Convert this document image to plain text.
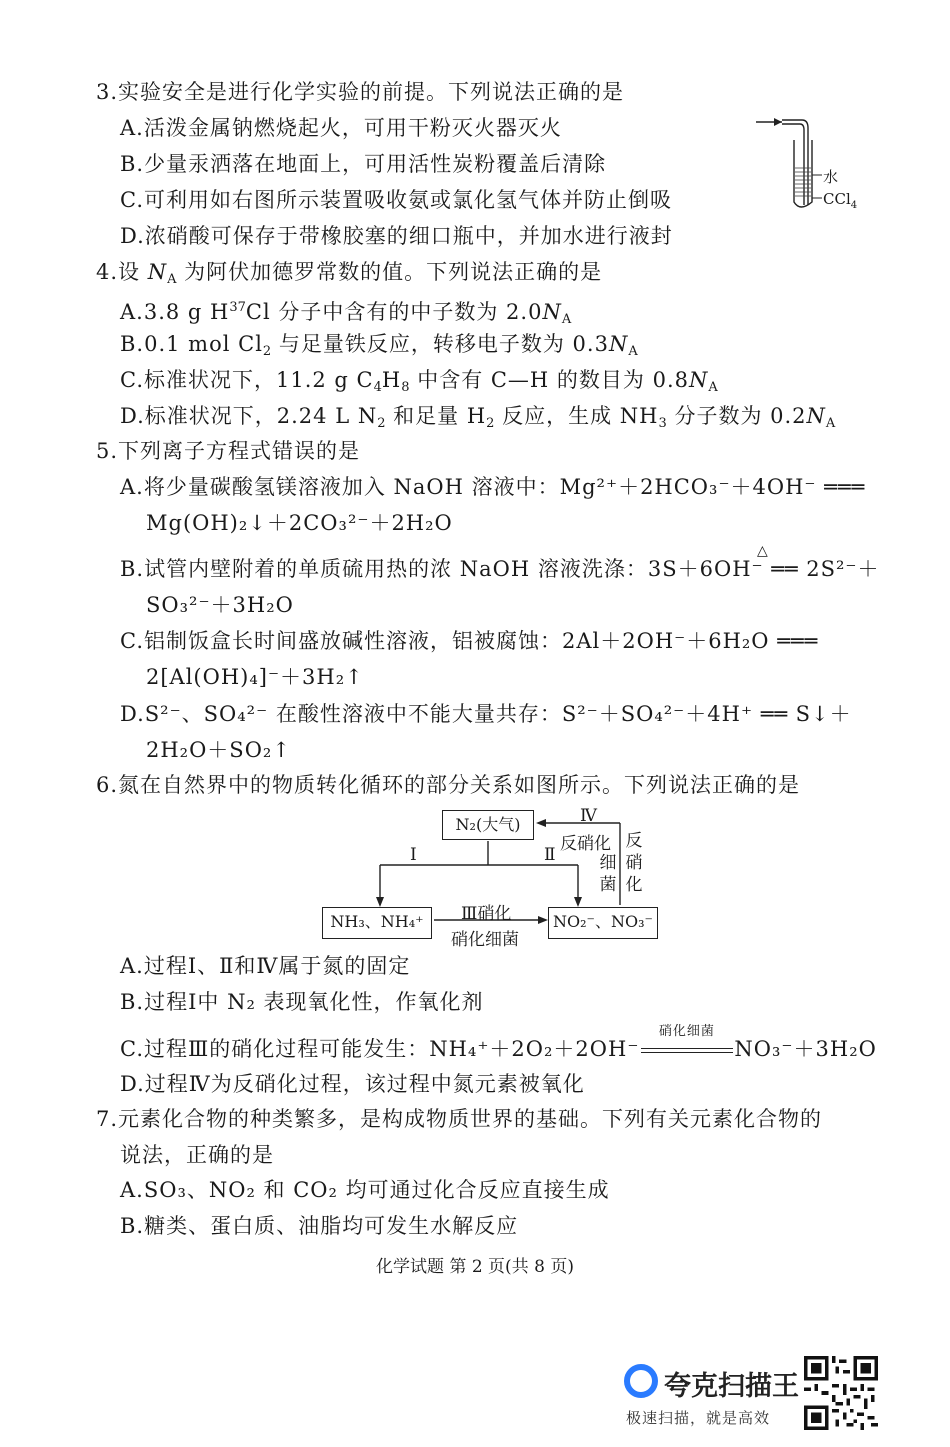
3.实验安全是进行化学实验的前提。下列说法正确的是
A.活泼金属钠燃烧起火，可用干粉灭火器灭火
B.少量汞洒落在地面上，可用活性炭粉覆盖后清除
C.可利用如右图所示装置吸收氨或氯化氢气体并防止倒吸
D.浓硝酸可保存于带橡胶塞的细口瓶中，并加水进行液封
水
CCl$_4$
4.设 $N_A$ 为阿伏加德罗常数的值。下列说法正确的是
A.3.8 g $H^{37}Cl$ 分子中含有的中子数为 $2.0N_A$
B.0.1 mol $Cl_2$ 与足量铁反应，转移电子数为 $0.3N_A$
C.标准状况下，11.2 g $C_4H_8$ 中含有 C—H 的数目为 $0.8N_A$
D.标准状况下，2.24 L $N_2$ 和足量 $H_2$ 反应，生成 $NH_3$ 分子数为 $0.2N_A$
5.下列离子方程式错误的是
A.将少量碳酸氢镁溶液加入 NaOH 溶液中：Mg²⁺＋2HCO₃⁻＋4OH⁻ ═══
Mg(OH)₂↓＋2CO₃²⁻＋2H₂O
△
B.试管内壁附着的单质硫用热的浓 NaOH 溶液洗涤：3S＋6OH⁻ ══ 2S²⁻＋
SO₃²⁻＋3H₂O
C.铝制饭盒长时间盛放碱性溶液，铝被腐蚀：2Al＋2OH⁻＋6H₂O ═══
2[Al(OH)₄]⁻＋3H₂↑
D.S²⁻、SO₄²⁻ 在酸性溶液中不能大量共存：S²⁻＋SO₄²⁻＋4H⁺ ══ S↓＋
2H₂O＋SO₂↑
6.氮在自然界中的物质转化循环的部分关系如图所示。下列说法正确的是
N₂(大气)
NH₃、NH₄⁺	NO₂⁻、NO₃⁻
Ⅰ	Ⅱ
Ⅲ硝化
硝化细菌
Ⅳ
反硝化
细菌
反硝化
A.过程Ⅰ、Ⅱ和Ⅳ属于氮的固定
B.过程Ⅰ中 N₂ 表现氧化性，作氧化剂
C.过程Ⅲ的硝化过程可能发生：NH₄⁺＋2O₂＋2OH⁻
硝化细菌
NO₃⁻＋3H₂O
D.过程Ⅳ为反硝化过程，该过程中氮元素被氧化
7.元素化合物的种类繁多，是构成物质世界的基础。下列有关元素化合物的
说法，正确的是
A.SO₃、NO₂ 和 CO₂ 均可通过化合反应直接生成
B.糖类、蛋白质、油脂均可发生水解反应
化学试题 第 2 页(共 8 页)
夸克扫描王
极速扫描，就是高效
